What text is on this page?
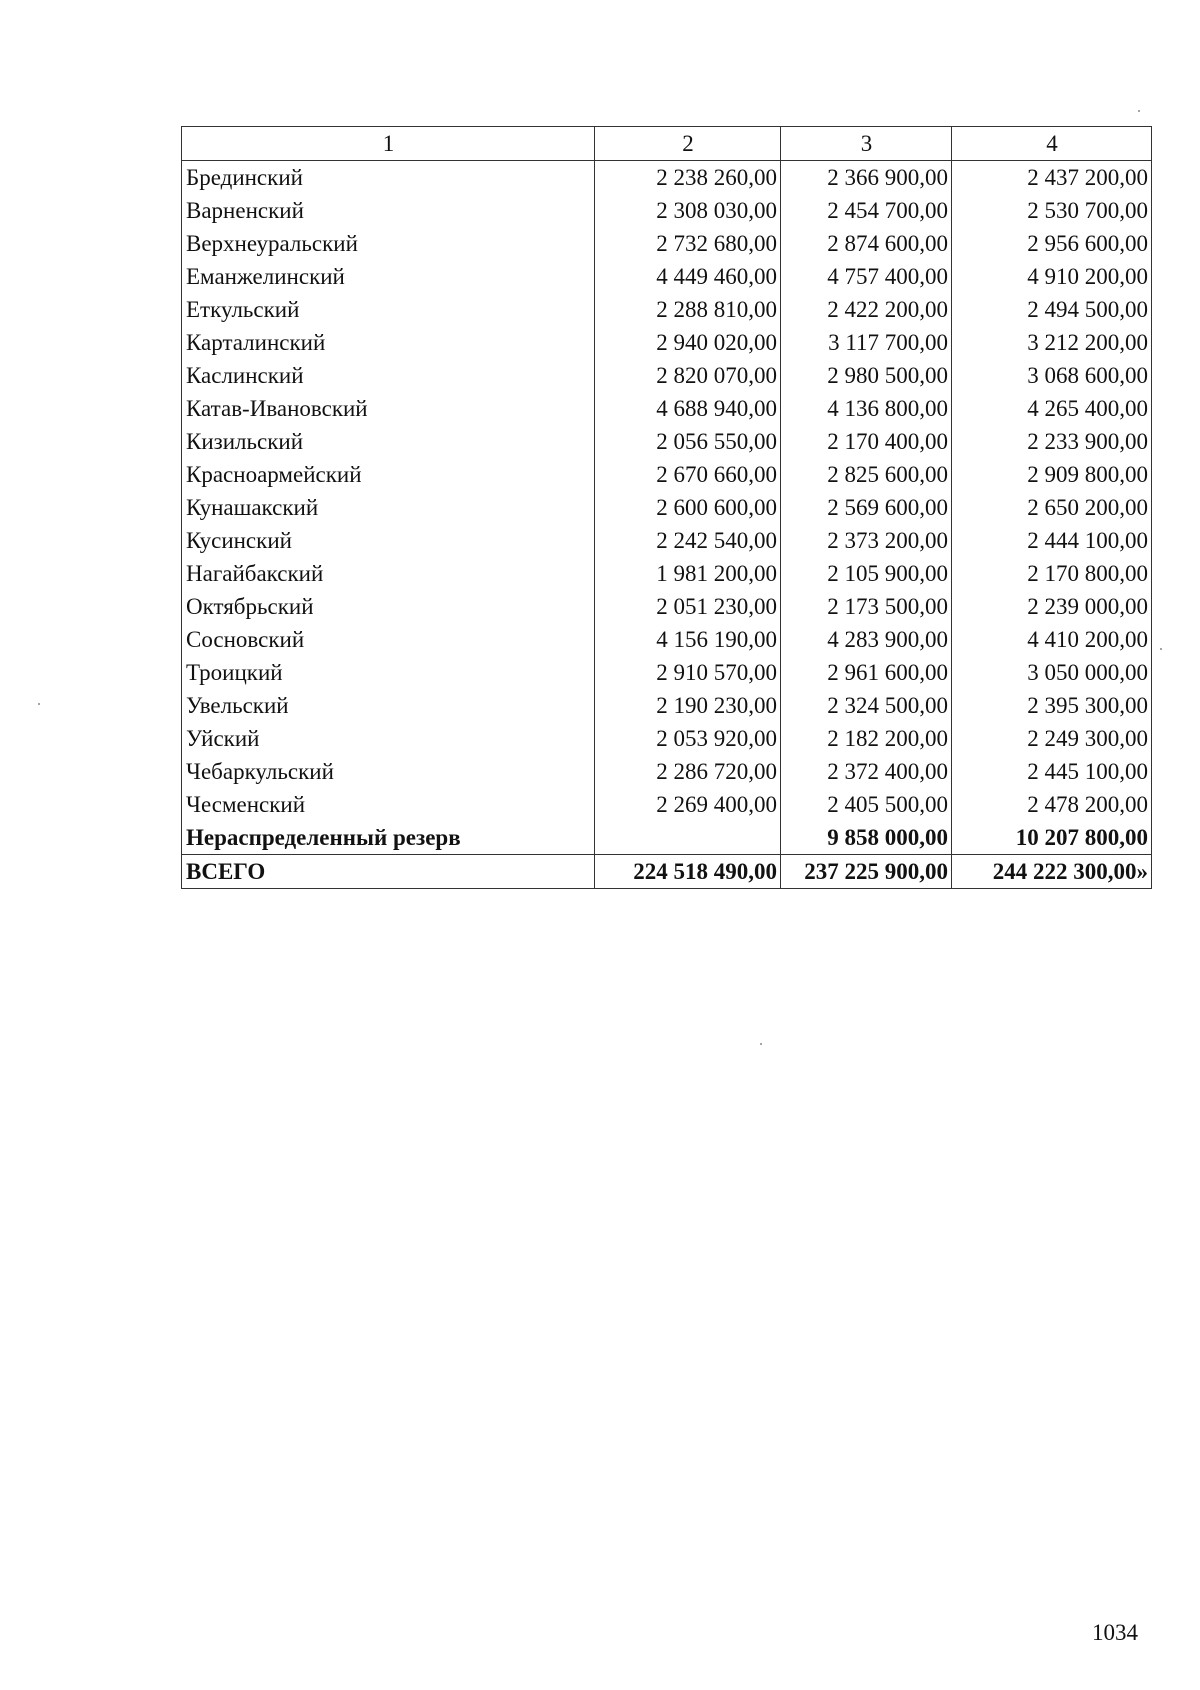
1	2	3	4
Брединский	2 238 260,00	2 366 900,00	2 437 200,00
Варненский	2 308 030,00	2 454 700,00	2 530 700,00
Верхнеуральский	2 732 680,00	2 874 600,00	2 956 600,00
Еманжелинский	4 449 460,00	4 757 400,00	4 910 200,00
Еткульский	2 288 810,00	2 422 200,00	2 494 500,00
Карталинский	2 940 020,00	3 117 700,00	3 212 200,00
Каслинский	2 820 070,00	2 980 500,00	3 068 600,00
Катав-Ивановский	4 688 940,00	4 136 800,00	4 265 400,00
Кизильский	2 056 550,00	2 170 400,00	2 233 900,00
Красноармейский	2 670 660,00	2 825 600,00	2 909 800,00
Кунашакский	2 600 600,00	2 569 600,00	2 650 200,00
Кусинский	2 242 540,00	2 373 200,00	2 444 100,00
Нагайбакский	1 981 200,00	2 105 900,00	2 170 800,00
Октябрьский	2 051 230,00	2 173 500,00	2 239 000,00
Сосновский	4 156 190,00	4 283 900,00	4 410 200,00
Троицкий	2 910 570,00	2 961 600,00	3 050 000,00
Увельский	2 190 230,00	2 324 500,00	2 395 300,00
Уйский	2 053 920,00	2 182 200,00	2 249 300,00
Чебаркульский	2 286 720,00	2 372 400,00	2 445 100,00
Чесменский	2 269 400,00	2 405 500,00	2 478 200,00
Нераспределенный резерв		9 858 000,00	10 207 800,00
ВСЕГО	224 518 490,00	237 225 900,00	244 222 300,00»
1034
